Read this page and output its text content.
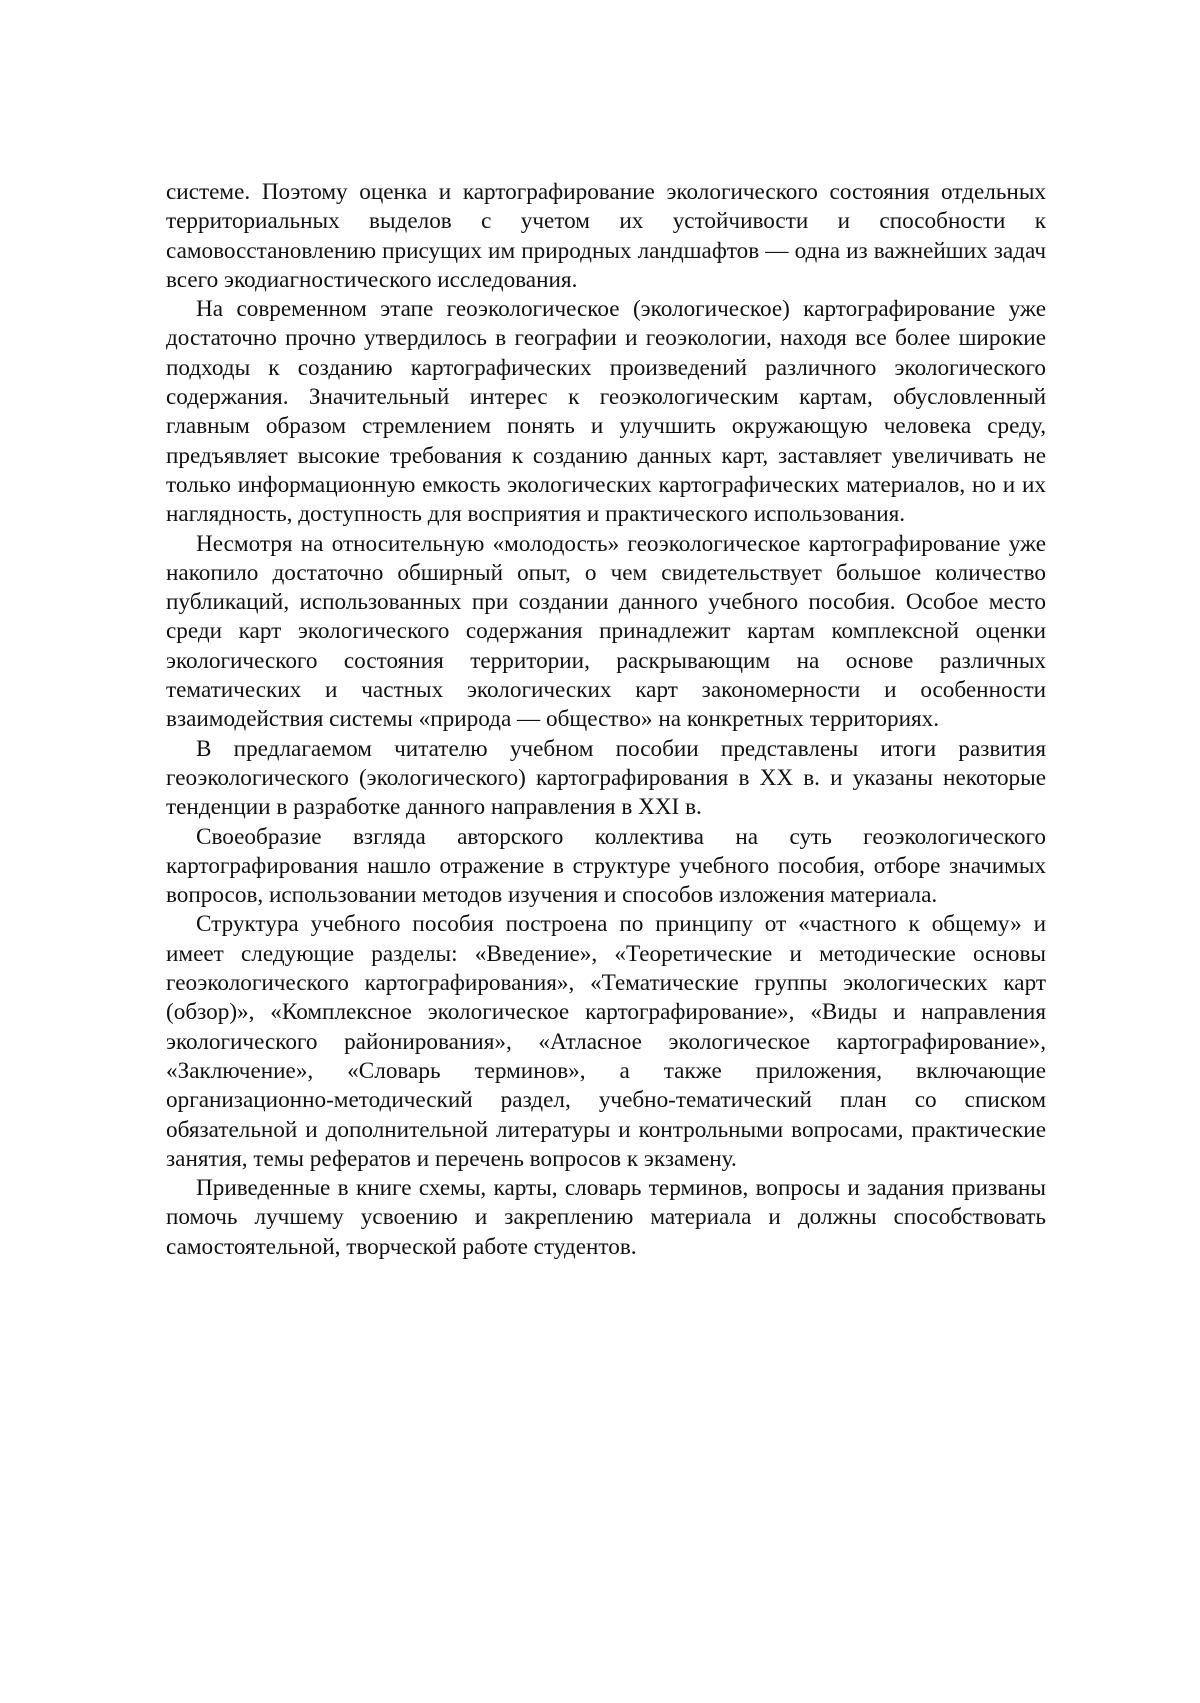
системе. Поэтому оценка и картографирование экологического состояния отдельных территориальных выделов с учетом их устойчивости и способности к самовосстановлению присущих им природных ландшафтов — одна из важнейших задач всего экодиагностического исследования.

На современном этапе геоэкологическое (экологическое) картографирование уже достаточно прочно утвердилось в географии и геоэкологии, находя все более широкие подходы к созданию картографических произведений различного экологического содержания. Значительный интерес к геоэкологическим картам, обусловленный главным образом стремлением понять и улучшить окружающую человека среду, предъявляет высокие требования к созданию данных карт, заставляет увеличивать не только информационную емкость экологических картографических материалов, но и их наглядность, доступность для восприятия и практического использования.

Несмотря на относительную «молодость» геоэкологическое картографирование уже накопило достаточно обширный опыт, о чем свидетельствует большое количество публикаций, использованных при создании данного учебного пособия. Особое место среди карт экологического содержания принадлежит картам комплексной оценки экологического состояния территории, раскрывающим на основе различных тематических и частных экологических карт закономерности и особенности взаимодействия системы «природа — общество» на конкретных территориях.

В предлагаемом читателю учебном пособии представлены итоги развития геоэкологического (экологического) картографирования в XX в. и указаны некоторые тенденции в разработке данного направления в XXI в.

Своеобразие взгляда авторского коллектива на суть геоэкологического картографирования нашло отражение в структуре учебного пособия, отборе значимых вопросов, использовании методов изучения и способов изложения материала.

Структура учебного пособия построена по принципу от «частного к общему» и имеет следующие разделы: «Введение», «Теоретические и методические основы геоэкологического картографирования», «Тематические группы экологических карт (обзор)», «Комплексное экологическое картографирование», «Виды и направления экологического районирования», «Атласное экологическое картографирование», «Заключение», «Словарь терминов», а также приложения, включающие организационно-методический раздел, учебно-тематический план со списком обязательной и дополнительной литературы и контрольными вопросами, практические занятия, темы рефератов и перечень вопросов к экзамену.

Приведенные в книге схемы, карты, словарь терминов, вопросы и задания призваны помочь лучшему усвоению и закреплению материала и должны способствовать самостоятельной, творческой работе студентов.
